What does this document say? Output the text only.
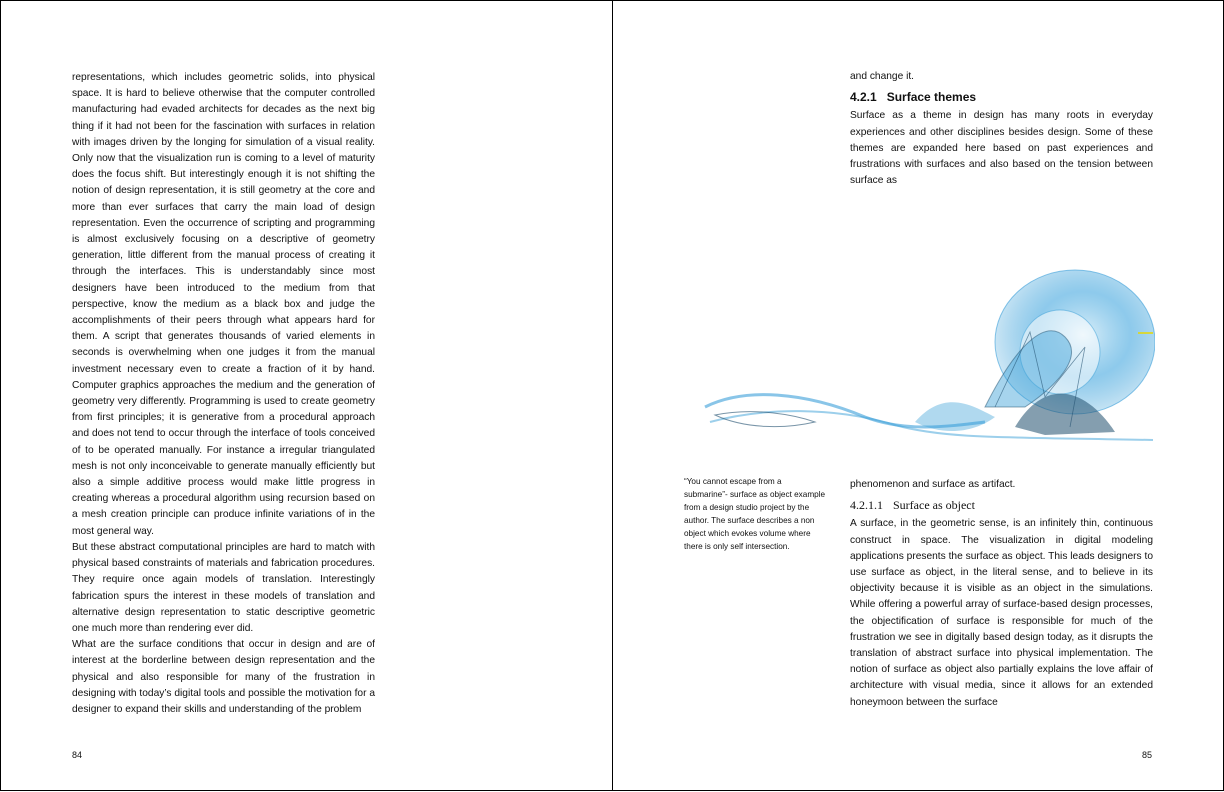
representations, which includes geometric solids, into physical space. It is hard to believe otherwise that the computer controlled manufacturing had evaded architects for decades as the next big thing if it had not been for the fascination with surfaces in relation with images driven by the longing for simulation of a visual reality. Only now that the visualization run is coming to a level of maturity does the focus shift. But interestingly enough it is not shifting the notion of design representation, it is still geometry at the core and more than ever surfaces that carry the main load of design representation. Even the occurrence of scripting and programming is almost exclusively focusing on a descriptive of geometry generation, little different from the manual process of creating it through the interfaces. This is understandably since most designers have been introduced to the medium from that perspective, know the medium as a black box and judge the accomplishments of their peers through what appears hard for them. A script that generates thousands of varied elements in seconds is overwhelming when one judges it from the manual investment necessary even to create a fraction of it by hand. Computer graphics approaches the medium and the generation of geometry very differently. Programming is used to create geometry from first principles; it is generative from a procedural approach and does not tend to occur through the interface of tools conceived of to be operated manually. For instance a irregular triangulated mesh is not only inconceivable to generate manually efficiently but also a simple additive process would make little progress in creating whereas a procedural algorithm using recursion based on a mesh creation principle can produce infinite variations of in the most general way.

But these abstract computational principles are hard to match with physical based constraints of materials and fabrication procedures. They require once again models of translation. Interestingly fabrication spurs the interest in these models of translation and alternative design representation to static descriptive geometric one much more than rendering ever did.

What are the surface conditions that occur in design and are of interest at the borderline between design representation and the physical and also responsible for many of the frustration in designing with today’s digital tools and possible the motivation for a designer to expand their skills and understanding of the problem

84

and change it.

4.2.1 Surface themes

Surface as a theme in design has many roots in everyday experiences and other disciplines besides design. Some of these themes are expanded here based on past experiences and frustrations with surfaces and also based on the tension between surface as

“You cannot escape from a submarine”- surface as object example from a design studio project by the author. The surface describes a non object which evokes volume where there is only self intersection.

phenomenon and surface as artifact.

4.2.1.1 Surface as object

A surface, in the geometric sense, is an infinitely thin, continuous construct in space. The visualization in digital modeling applications presents the surface as object. This leads designers to use surface as object, in the literal sense, and to believe in its objectivity because it is visible as an object in the simulations. While offering a powerful array of surface-based design processes, the objectification of surface is responsible for much of the frustration we see in digitally based design today, as it disrupts the translation of abstract surface into physical implementation. The notion of surface as object also partially explains the love affair of architecture with visual media, since it allows for an extended honeymoon between the surface

85
